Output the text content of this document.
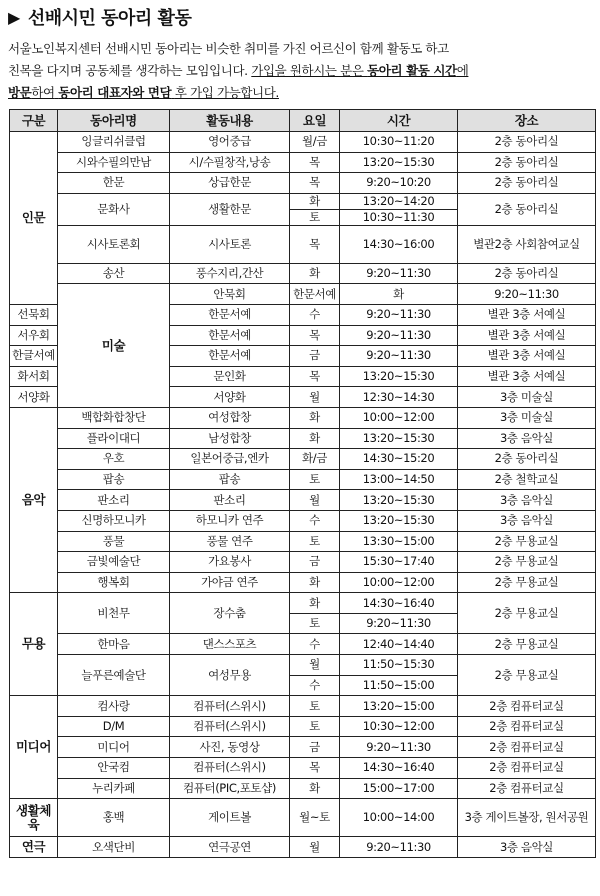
▶ 선배시민 동아리 활동
서울노인복지센터 선배시민 동아리는 비슷한 취미를 가진 어르신이 함께 활동도 하고
친목을 다지며 공동체를 생각하는 모임입니다. 가입을 원하시는 분은 동아리 활동 시간에
방문하여 동아리 대표자와 면담 후 가입 가능합니다.
구분	동아리명	활동내용	요일	시간	장소	
인문	잉글리쉬클럽	영어중급	월/금	10:30~11:20	2층 동아리실	
	시와수필의만남	시/수필창작,낭송	목	13:20~15:30	2층 동아리실	
	한문	상급한문	목	9:20~10:20	2층 동아리실	
	문화사	생활한문	화	13:20~14:20	2층 동아리실	
			토	10:30~11:30		
	시사토론회	시사토론	목	14:30~16:00	별관2층 사회참여교실	
	송산	풍수지리,간산	화	9:20~11:30	2층 동아리실	
	미술	안묵회	한문서예	화	9:20~11:30	
선묵회		한문서예	수	9:20~11:30	별관 3층 서예실	
서우회		한문서예	목	9:20~11:30	별관 3층 서예실	
한글서예		한문서예	금	9:20~11:30	별관 3층 서예실	
화서회		문인화	목	13:20~15:30	별관 3층 서예실	
서양화		서양화	월	12:30~14:30	3층 미술실	
음악	백합화합창단	여성합창	화	10:00~12:00	3층 미술실	
	플라이대디	남성합창	화	13:20~15:30	3층 음악실	
	우호	일본어중급,엔카	화/금	14:30~15:20	2층 동아리실	
	팝송	팝송	토	13:00~14:50	2층 철학교실	
	판소리	판소리	월	13:20~15:30	3층 음악실	
	신명하모니카	하모니카 연주	수	13:20~15:30	3층 음악실	
	풍물	풍물 연주	토	13:30~15:00	2층 무용교실	
	금빛예술단	가요봉사	금	15:30~17:40	2층 무용교실	
	행복회	가야금 연주	화	10:00~12:00	2층 무용교실	
무용	비천무	장수춤	화	14:30~16:40	2층 무용교실	
			토	9:20~11:30		
	한마음	댄스스포츠	수	12:40~14:40	2층 무용교실	
	늘푸른예술단	여성무용	월	11:50~15:30	2층 무용교실	
			수	11:50~15:00		
미디어	컴사랑	컴퓨터(스위시)	토	13:20~15:00	2층 컴퓨터교실	
	D/M	컴퓨터(스위시)	토	10:30~12:00	2층 컴퓨터교실	
	미디어	사진, 동영상	금	9:20~11:30	2층 컴퓨터교실	
	안국컴	컴퓨터(스위시)	목	14:30~16:40	2층 컴퓨터교실	
	누리카페	컴퓨터(PIC,포토샵)	화	15:00~17:00	2층 컴퓨터교실	
생활체육	홍백	게이트볼	월~토	10:00~14:00	3층 게이트볼장, 원서공원	
연극	오색단비	연극공연	월	9:20~11:30	3층 음악실	
